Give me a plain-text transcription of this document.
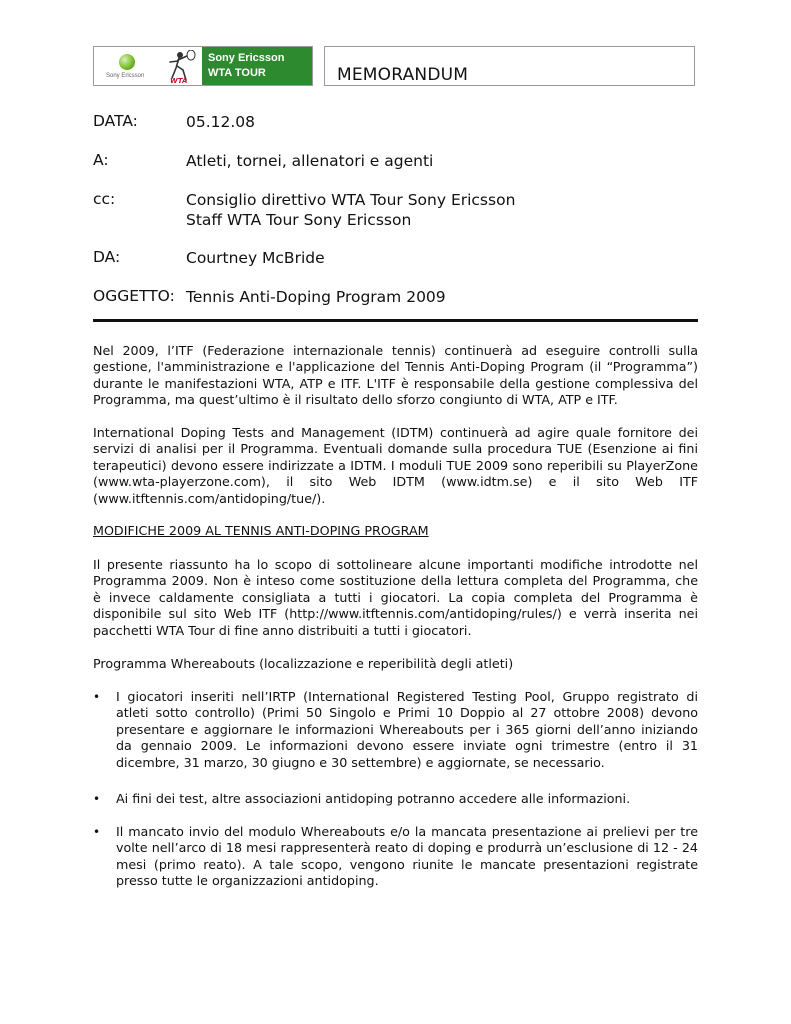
Sony Ericsson
WTA
Sony Ericsson
WTA TOUR	MEMORANDUM
DATA:	05.12.08
A:	Atleti, tornei, allenatori e agenti
cc:	Consiglio direttivo WTA Tour Sony Ericsson
Staff WTA Tour Sony Ericsson
DA:	Courtney McBride
OGGETTO: Tennis Anti-Doping Program 2009

Nel 2009, l’ITF (Federazione internazionale tennis) continuerà ad eseguire controlli sulla gestione, l'amministrazione e l'applicazione del Tennis Anti-Doping Program (il “Programma”) durante le manifestazioni WTA, ATP e ITF. L'ITF è responsabile della gestione complessiva del Programma, ma quest’ultimo è il risultato dello sforzo congiunto di WTA, ATP e ITF.

International Doping Tests and Management (IDTM) continuerà ad agire quale fornitore dei servizi di analisi per il Programma. Eventuali domande sulla procedura TUE (Esenzione ai fini terapeutici) devono essere indirizzate a IDTM. I moduli TUE 2009 sono reperibili su PlayerZone (www.wta-playerzone.com), il sito Web IDTM (www.idtm.se) e il sito Web ITF (www.itftennis.com/antidoping/tue/).

MODIFICHE 2009 AL TENNIS ANTI-DOPING PROGRAM

Il presente riassunto ha lo scopo di sottolineare alcune importanti modifiche introdotte nel Programma 2009. Non è inteso come sostituzione della lettura completa del Programma, che è invece caldamente consigliata a tutti i giocatori. La copia completa del Programma è disponibile sul sito Web ITF (http://www.itftennis.com/antidoping/rules/) e verrà inserita nei pacchetti WTA Tour di fine anno distribuiti a tutti i giocatori.

Programma Whereabouts (localizzazione e reperibilità degli atleti)
•	I giocatori inseriti nell’IRTP (International Registered Testing Pool, Gruppo registrato di atleti sotto controllo) (Primi 50 Singolo e Primi 10 Doppio al 27 ottobre 2008) devono presentare e aggiornare le informazioni Whereabouts per i 365 giorni dell’anno iniziando da gennaio 2009. Le informazioni devono essere inviate ogni trimestre (entro il 31 dicembre, 31 marzo, 30 giugno e 30 settembre) e aggiornate, se necessario.
•	Ai fini dei test, altre associazioni antidoping potranno accedere alle informazioni.
•	Il mancato invio del modulo Whereabouts e/o la mancata presentazione ai prelievi per tre volte nell’arco di 18 mesi rappresenterà reato di doping e produrrà un’esclusione di 12 - 24 mesi (primo reato). A tale scopo, vengono riunite le mancate presentazioni registrate presso tutte le organizzazioni antidoping.
